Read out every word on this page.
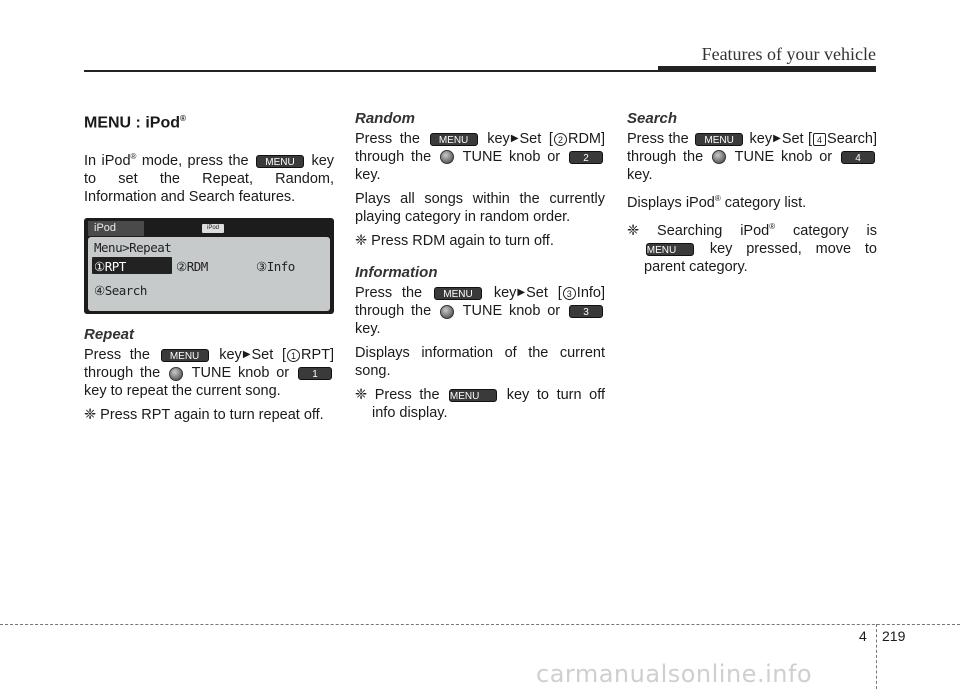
Features of your vehicle
MENU : iPod®

In iPod® mode, press the MENU key to set the Repeat, Random, Information and Search features.

iPod	iPod
Menu>Repeat
①RPT	②RDM	③Info
④Search
Repeat

Press the MENU key▶Set [ 1 RPT] through the TUNE knob or 1 RPT key to repeat the current song.

❈ Press RPT again to turn repeat off.

Random

Press the MENU key▶Set [ 2 RDM] through the TUNE knob or 2 key.

Plays all songs within the currently playing category in random order.

❈ Press RDM again to turn off.

Information

Press the MENU key▶Set [ 3 Info] through the TUNE knob or 3 key.

Displays information of the current song.

❈ Press the MENU key to turn off info display.

Search

Press the MENU key▶Set [ 4 Search] through the TUNE knob or 4 key.

Displays iPod® category list.

❈ Searching iPod® category is MENU key pressed, move to parent category.

4 219
carmanualsonline.info
